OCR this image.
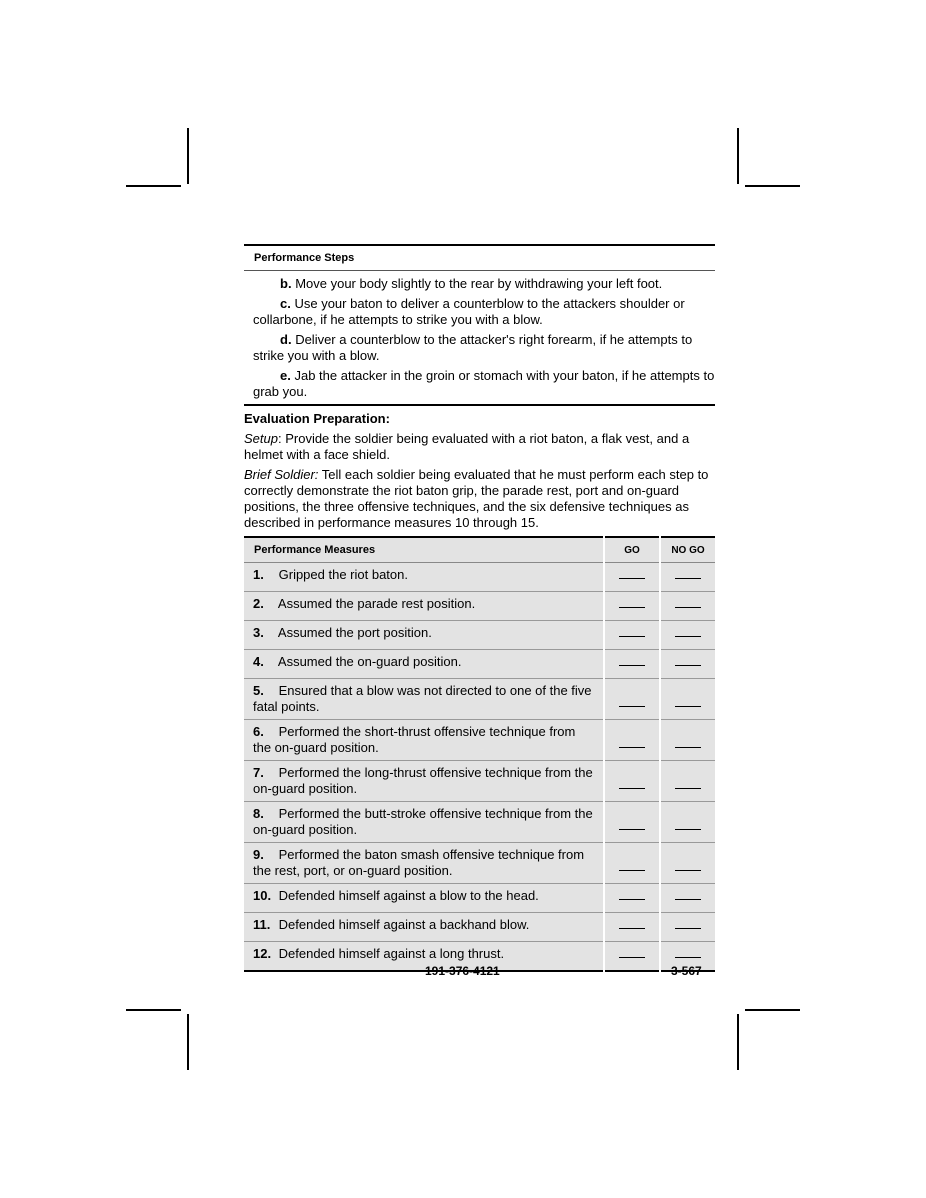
Performance Steps
b. Move your body slightly to the rear by withdrawing your left foot.
c. Use your baton to deliver a counterblow to the attackers shoulder or collarbone, if he attempts to strike you with a blow.
d. Deliver a counterblow to the attacker's right forearm, if he attempts to strike you with a blow.
e. Jab the attacker in the groin or stomach with your baton, if he attempts to grab you.
Evaluation Preparation:
Setup: Provide the soldier being evaluated with a riot baton, a flak vest, and a helmet with a face shield.
Brief Soldier: Tell each soldier being evaluated that he must perform each step to correctly demonstrate the riot baton grip, the parade rest, port and on-guard positions, the three offensive techniques, and the six defensive techniques as described in performance measures 10 through 15.
Performance Measures	GO	NO GO
1. Gripped the riot baton.		
2. Assumed the parade rest position.		
3. Assumed the port position.		
4. Assumed the on-guard position.		
5. Ensured that a blow was not directed to one of the five fatal points.		
6. Performed the short-thrust offensive technique from the on-guard position.		
7. Performed the long-thrust offensive technique from the on-guard position.		
8. Performed the butt-stroke offensive technique from the on-guard position.		
9. Performed the baton smash offensive technique from the rest, port, or on-guard position.		
10. Defended himself against a blow to the head.		
11. Defended himself against a backhand blow.		
12. Defended himself against a long thrust.		
191-376-4121	3-567
